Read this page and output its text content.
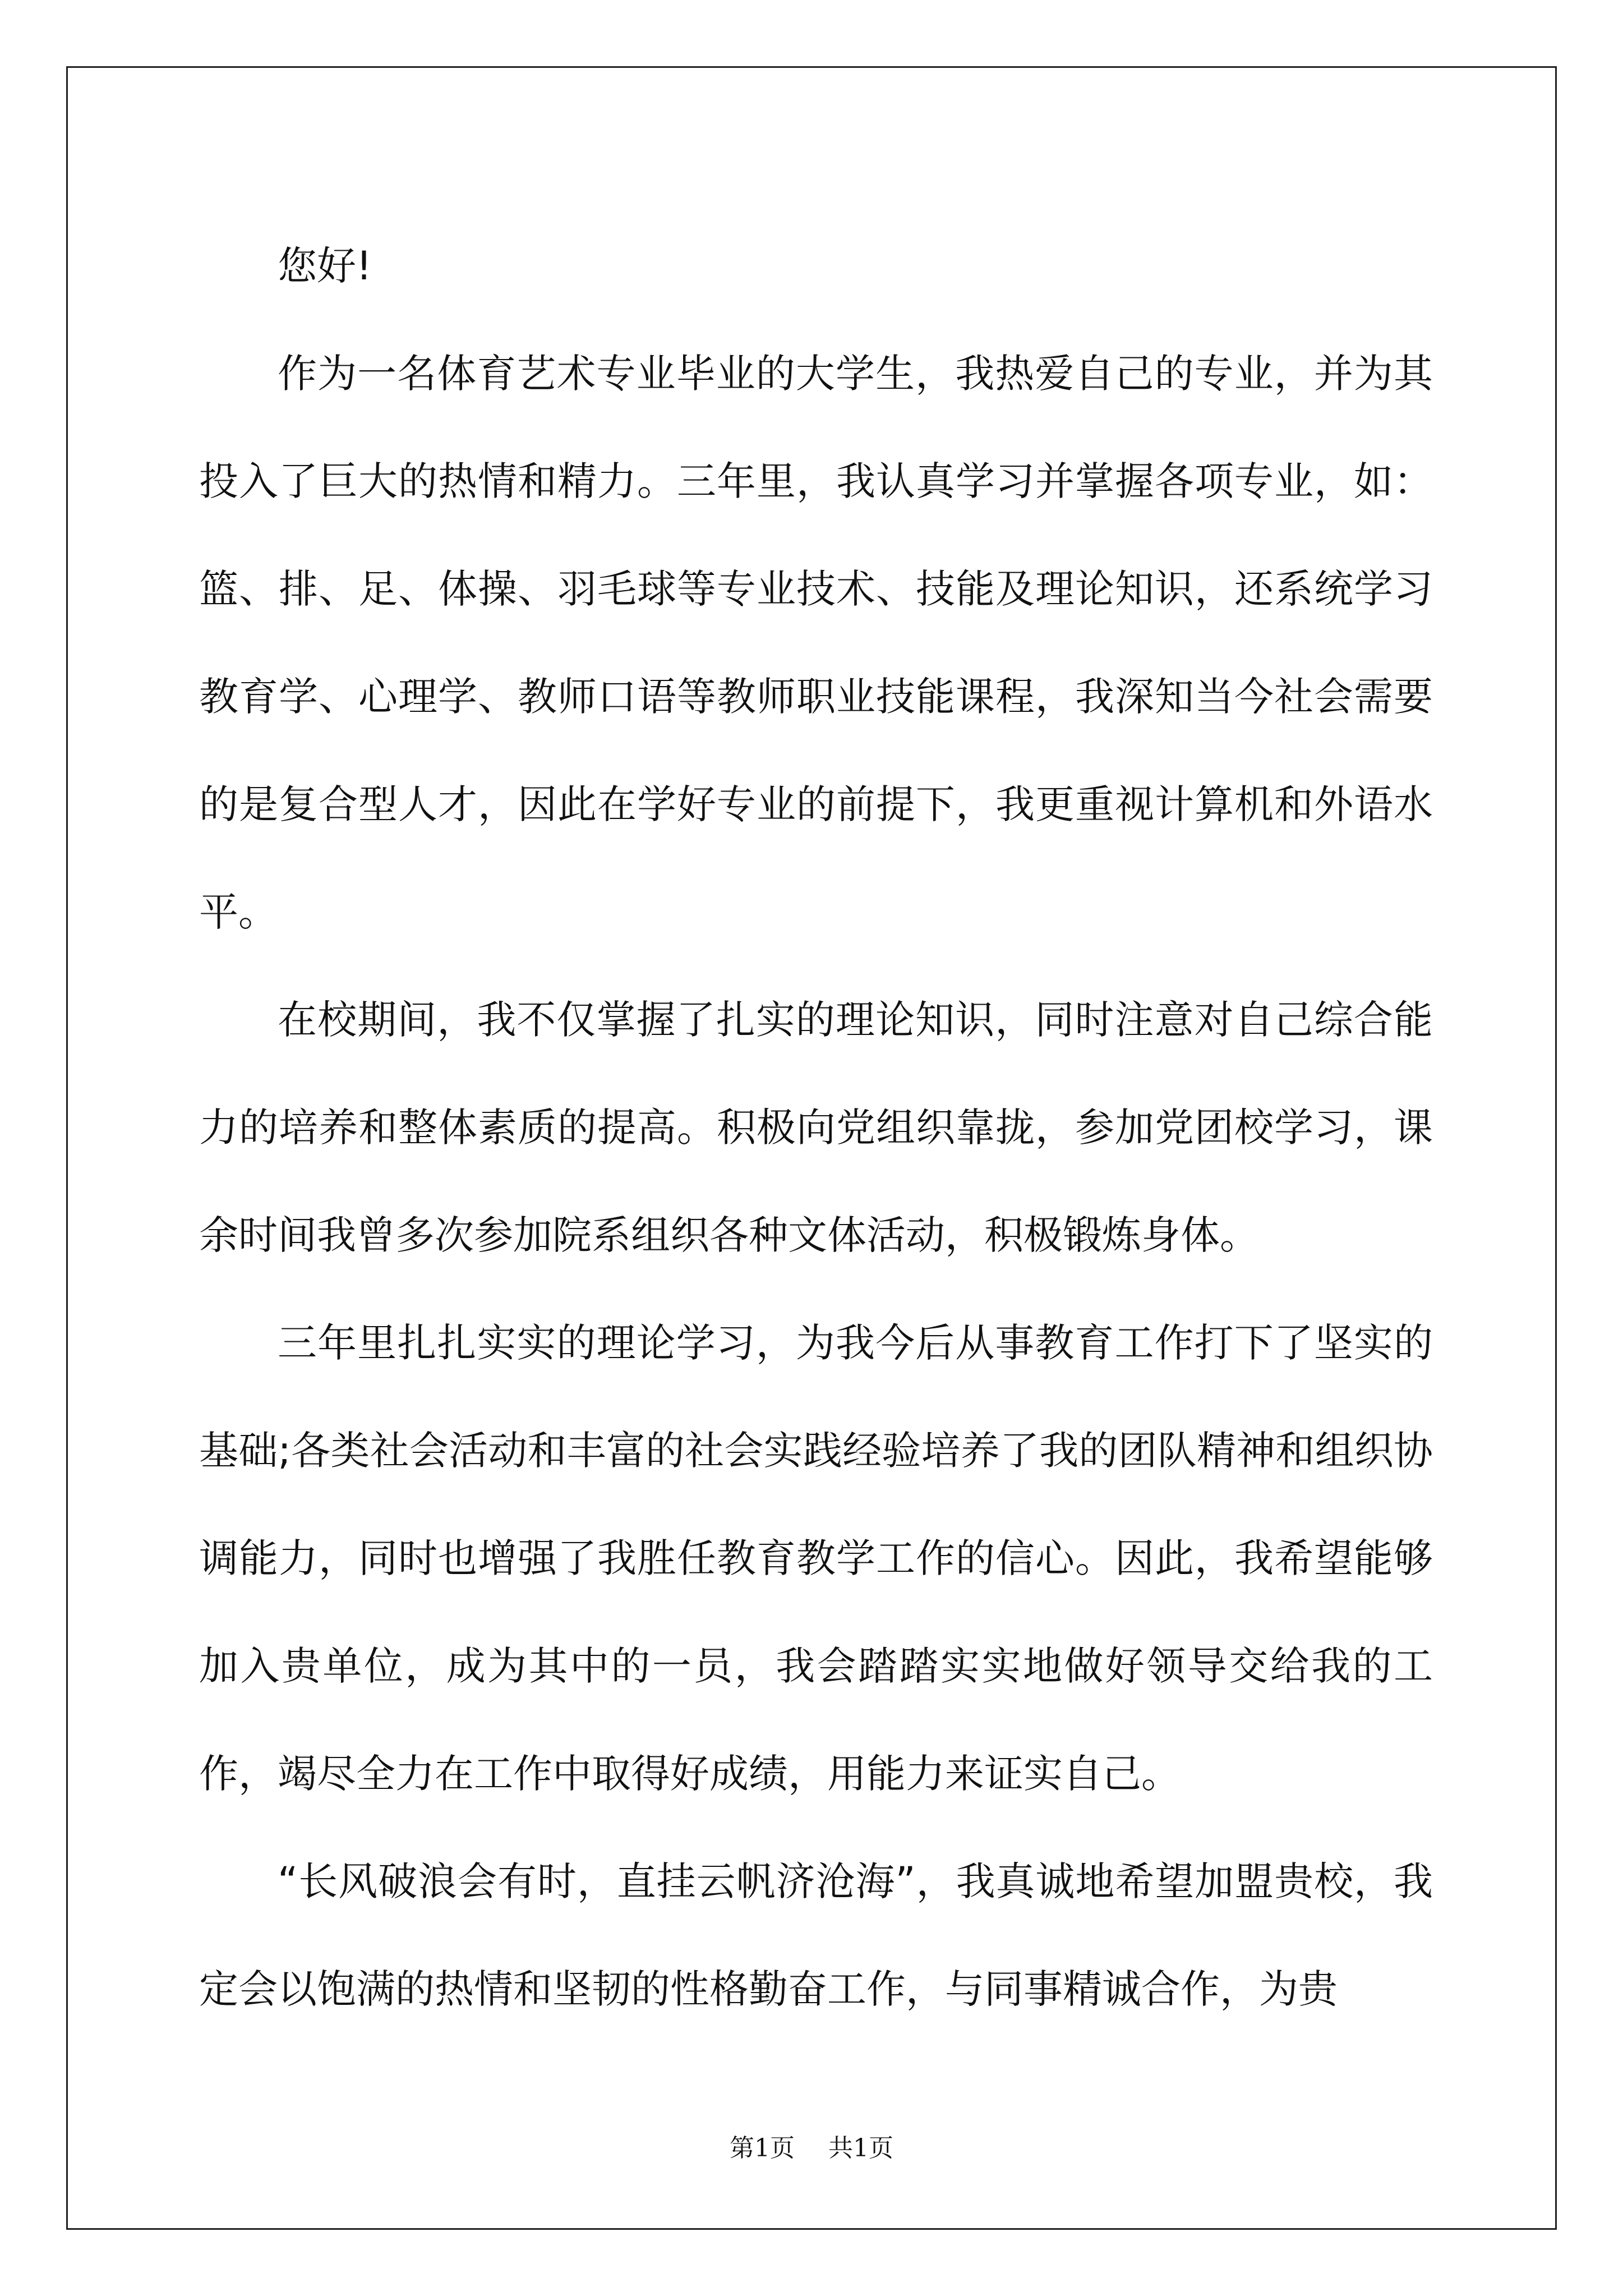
您好!

作为一名体育艺术专业毕业的大学生，我热爱自己的专业，并为其投入了巨大的热情和精力。三年里，我认真学习并掌握各项专业，如：篮、排、足、体操、羽毛球等专业技术、技能及理论知识，还系统学习教育学、心理学、教师口语等教师职业技能课程，我深知当今社会需要的是复合型人才，因此在学好专业的前提下，我更重视计算机和外语水平。

在校期间，我不仅掌握了扎实的理论知识，同时注意对自己综合能力的培养和整体素质的提高。积极向党组织靠拢，参加党团校学习，课余时间我曾多次参加院系组织各种文体活动，积极锻炼身体。

三年里扎扎实实的理论学习，为我今后从事教育工作打下了坚实的基础;各类社会活动和丰富的社会实践经验培养了我的团队精神和组织协调能力，同时也增强了我胜任教育教学工作的信心。因此，我希望能够加入贵单位，成为其中的一员，我会踏踏实实地做好领导交给我的工作，竭尽全力在工作中取得好成绩，用能力来证实自己。

“长风破浪会有时，直挂云帆济沧海”，我真诚地希望加盟贵校，我定会以饱满的热情和坚韧的性格勤奋工作，与同事精诚合作，为贵

第1页 共1页
